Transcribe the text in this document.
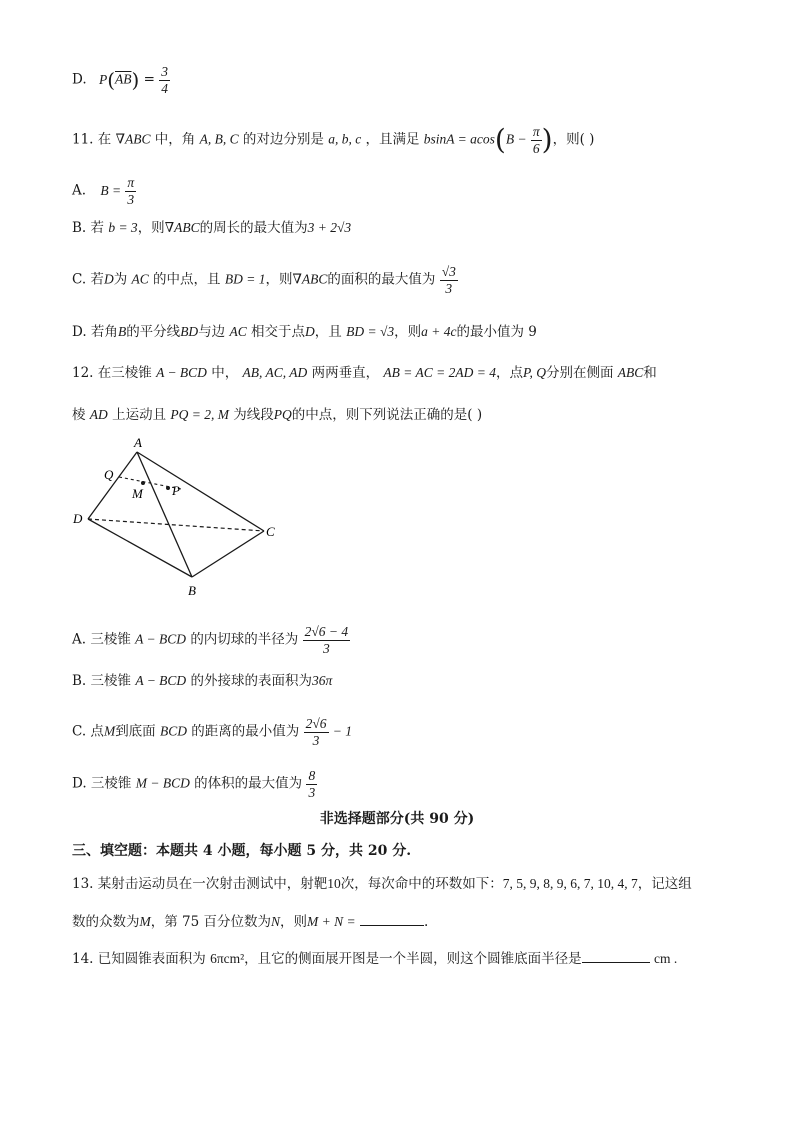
D. $P(\overline{AB}) = \frac{3}{4}$
11. 在 ∇ABC 中，角 A, B, C 的对边分别是 a, b, c ，且满足 $bsinA = acos(B - \frac{\pi}{6}$ )，则( )
A. $B = \frac{\pi}{3}$
B. 若 b = 3，则∇ABC的周长的最大值为3 + 2√3
C. 若D为 AC 的中点，且 BD = 1，则∇ABC的面积的最大值为 $\frac{√3}{3}$
D. 若角B的平分线BD与边 AC 相交于点D，且 BD = √3，则a + 4c的最小值为 9
12. 在三棱锥 A − BCD 中， AB, AC, AD 两两垂直， AB = AC = 2AD = 4，点P, Q分别在侧面 ABC和
棱 AD 上运动且 PQ = 2, M 为线段PQ的中点，则下列说法正确的是( )
A
Q
M P
D
C
B
A. 三棱锥 A − BCD 的内切球的半径为 $\frac{2√6 - 4}{3}$
B. 三棱锥 A − BCD 的外接球的表面积为36π
C. 点M到底面 BCD 的距离的最小值为 $\frac{2√6}{3} - 1$
D. 三棱锥 M − BCD 的体积的最大值为 $\frac{8}{3}$
非选择题部分(共 90 分)
三、填空题：本题共 4 小题，每小题 5 分，共 20 分.
13. 某射击运动员在一次射击测试中，射靶10次，每次命中的环数如下：7, 5, 9, 8, 9, 6, 7, 10, 4, 7，记这组
数的众数为M，第 75 百分位数为N，则M + N =	.
14. 已知圆锥表面积为 6πcm²，且它的侧面展开图是一个半圆，则这个圆锥底面半径是	cm .
